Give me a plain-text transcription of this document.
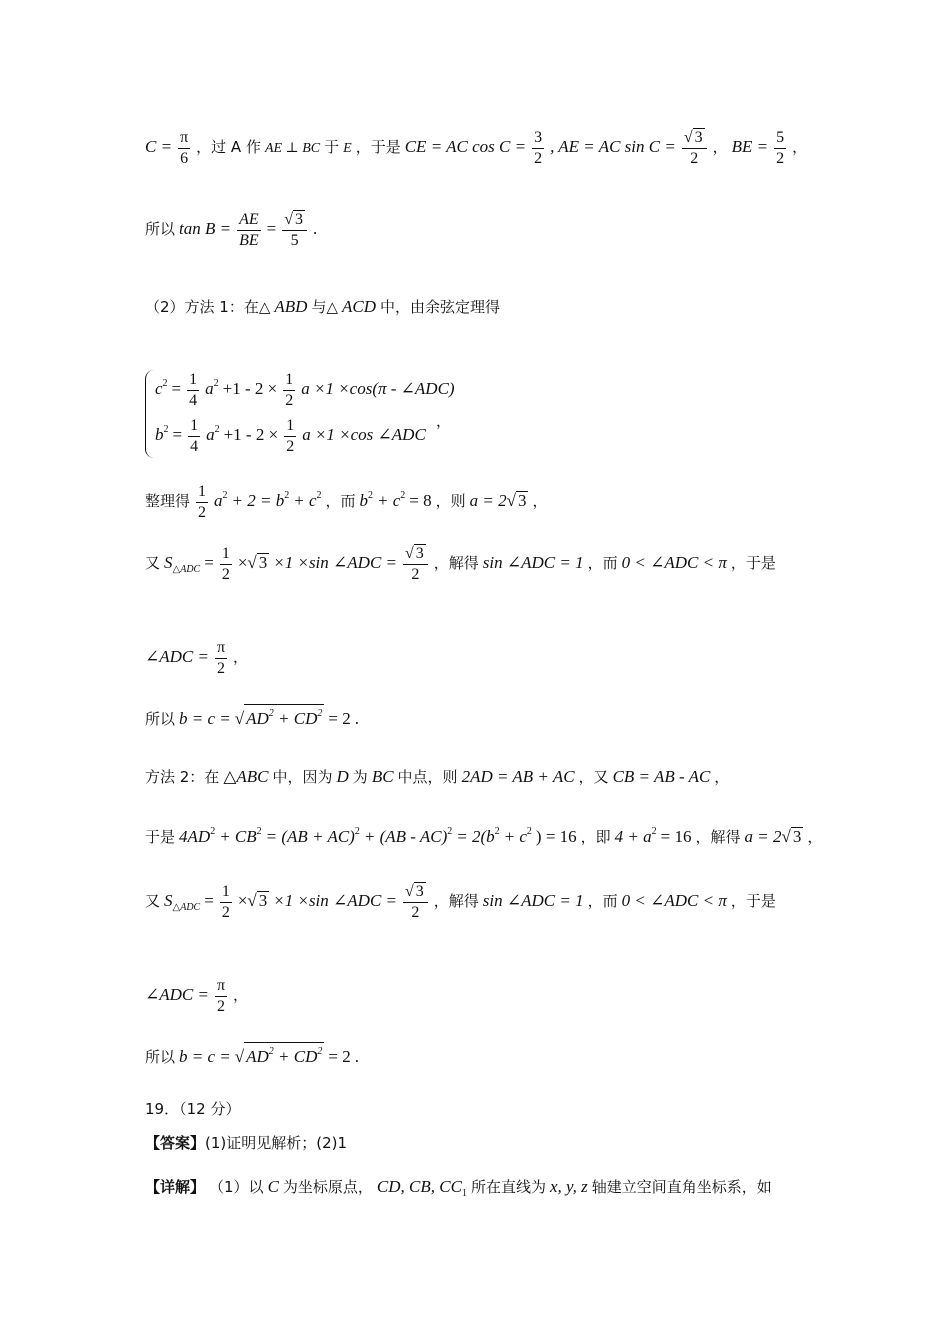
$C = \frac{\pi}{6}$ ，过 A 作 AE ⊥ BC 于 E ，于是 CE = AC $\cos C = \frac{3}{2}$ , AE = AC $\sin C = \frac{√ 3}{2}$ ， BE = $\frac{5}{2}$ ，
所以 $\tan B = \frac{AE}{BE} = \frac{√ 3}{5}$ .
（2）方法 1：在△ ABD 与△ ACD 中，由余弦定理得
$c^2 = \frac{1}{4} a^2 +1 - 2 \times \frac{1}{2}$ a ×1 ×cos(π - ∠ADC)
$b^2 = \frac{1}{4} a^2 +1 - 2 \times \frac{1}{2}$ a ×1 ×cos ∠ADC
，
整理得 $\frac{1}{2} a^2 + 2 = b^2 + c^2$ ，而 $b^2 + c^2 = 8$ ，则 a = 2√ 3 ，
又 $S_{\triangle ADC} = \frac{1}{2}$ ×√ 3 ×1 ×sin ∠ADC = $\frac{√ 3}{2}$ ，解得 sin ∠ADC = 1 ，而 0 < ∠ADC < π ，于是
∠ADC = $\frac{\pi}{2}$ ，
所以 b = c = √ $AD^2 + CD^2 = 2$ .
方法 2：在 △ABC 中，因为 D 为 BC 中点，则 2AD = AB + AC ，又 CB = AB - AC ，
于是 $4AD^2 + CB^2 = (AB + AC)^2 + (AB - AC)^2 = 2(b^2 + c^2$ ) = 16 ，即 $4 + a^2 = 16$ ，解得 a = 2√ 3 ，
又 $S_{\triangle ADC} = \frac{1}{2}$ ×√ 3 ×1 ×sin ∠ADC = $\frac{√ 3}{2}$ ，解得 sin ∠ADC = 1 ，而 0 < ∠ADC < π ，于是
∠ADC = $\frac{\pi}{2}$ ，
所以 b = c = √ $AD^2 + CD^2 = 2$ .
19．（12 分）
【答案】(1)证明见解析；(2)1
【详解】 （1）以 C 为坐标原点， CD, CB, $CC_1$ 所在直线为 x, y, z 轴建立空间直角坐标系，如
